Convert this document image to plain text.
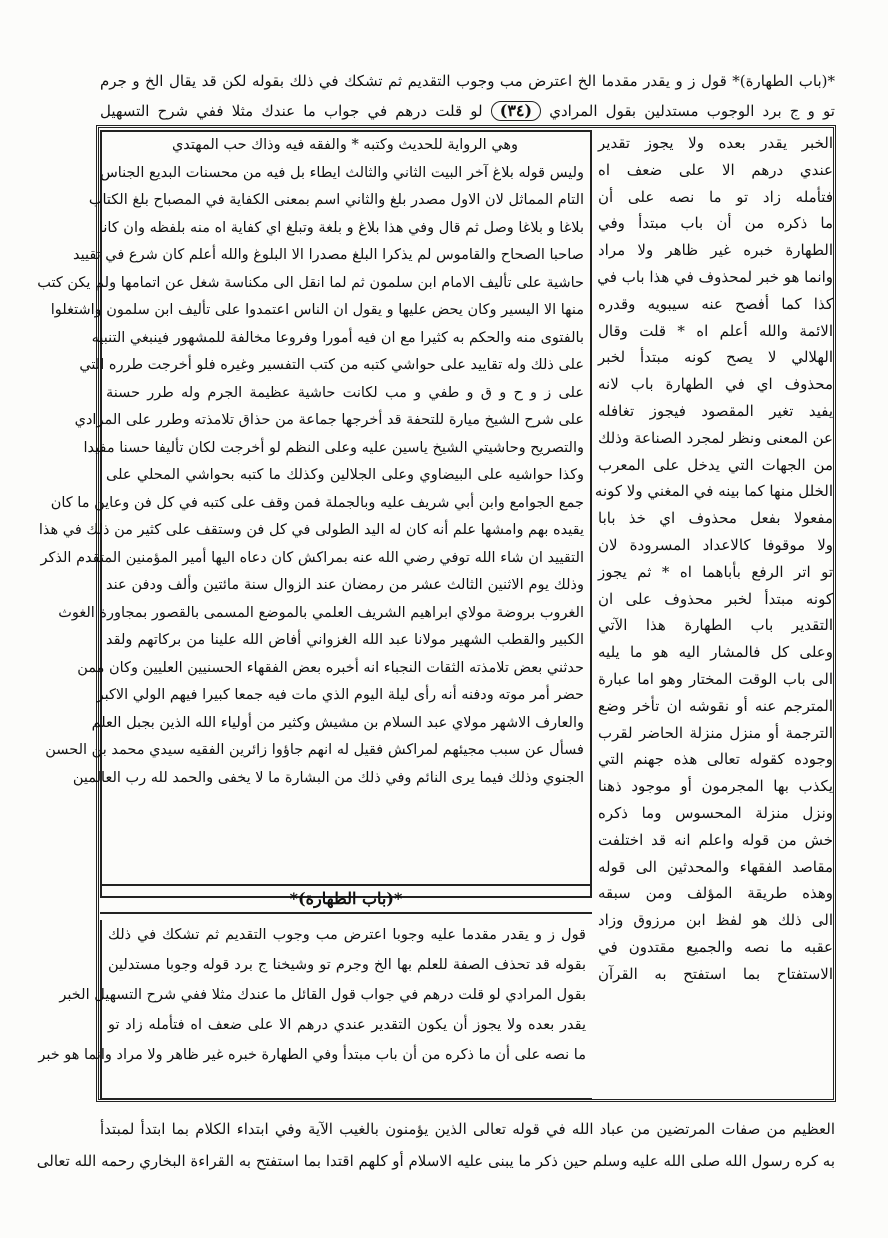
*(باب الطهارة)* قول ز و يقدر مقدما الخ اعترض مب وجوب التقديم ثم تشكك في ذلك بقوله لكن قد يقال الخ و جرم
تو و ج برد الوجوب مستدلين بقول المرادي (٣٤) لو قلت درهم في جواب ما عندك مثلا ففي شرح التسهيل
وهي الرواية للحديث وكتبه * والفقه فيه وذاك حب المهتدي
وليس قوله بلاغ آخر البيت الثاني والثالث ايطاء بل فيه من محسنات البديع الجناس
التام المماثل لان الاول مصدر بلغ والثاني اسم بمعنى الكفاية في المصباح بلغ الكتاب
بلاغا و بلاغا وصل ثم قال وفي هذا بلاغ و بلغة وتبلغ اي كفاية اه منه بلفظه وان كانا
صاحبا الصحاح والقاموس لم يذكرا البلغ مصدرا الا البلوغ والله أعلم كان شرع في تقييد
حاشية على تأليف الامام ابن سلمون ثم لما انقل الى مكناسة شغل عن اتمامها ولم يكن كتب
منها الا اليسير وكان يحض عليها و يقول ان الناس اعتمدوا على تأليف ابن سلمون واشتغلوا
بالفتوى منه والحكم به كثيرا مع ان فيه أمورا وفروعا مخالفة للمشهور فينبغي التنبيه
على ذلك وله تقاييد على حواشي كتبه من كتب التفسير وغيره فلو أخرجت طرره التي
على ز و ح و ق و طفي و مب لكانت حاشية عظيمة الجرم وله طرر حسنة
على شرح الشيخ ميارة للتحفة قد أخرجها جماعة من حذاق تلامذته وطرر على المرادي
والتصريح وحاشيتي الشيخ ياسين عليه وعلى النظم لو أخرجت لكان تأليفا حسنا مفيدا
وكذا حواشيه على البيضاوي وعلى الجلالين وكذلك ما كتبه بحواشي المحلي على
جمع الجوامع وابن أبي شريف عليه وبالجملة فمن وقف على كتبه في كل فن وعاين ما كان
يقيده بهم وامشها علم أنه كان له اليد الطولى في كل فن وستقف على كثير من ذلك في هذا
التقييد ان شاء الله توفي رضي الله عنه بمراكش كان دعاه اليها أمير المؤمنين المتقدم الذكر
وذلك يوم الاثنين الثالث عشر من رمضان عند الزوال سنة مائتين وألف ودفن عند
الغروب بروضة مولاي ابراهيم الشريف العلمي بالموضع المسمى بالقصور بمجاورة الغوث
الكبير والقطب الشهير مولانا عبد الله الغزواني أفاض الله علينا من بركاتهم ولقد
حدثني بعض تلامذته الثقات النجباء انه أخبره بعض الفقهاء الحسنيين العليين وكان ممن
حضر أمر موته ودفنه أنه رأى ليلة اليوم الذي مات فيه جمعا كبيرا فيهم الولي الاكبر
والعارف الاشهر مولاي عبد السلام بن مشيش وكثير من أولياء الله الذين بجبل العلم
فسأل عن سبب مجيئهم لمراكش فقيل له انهم جاؤوا زائرين الفقيه سيدي محمد بن الحسن
الجنوي وذلك فيما يرى النائم وفي ذلك من البشارة ما لا يخفى والحمد لله رب العالمين
الخبر يقدر بعده ولا يجوز تقدير
عندي درهم الا على ضعف اه
فتأمله زاد تو ما نصه على أن
ما ذكره من أن باب مبتدأ وفي
الطهارة خبره غير ظاهر ولا مراد
وانما هو خبر لمحذوف في هذا باب في
كذا كما أفصح عنه سيبويه وقدره
الائمة والله أعلم اه * قلت وقال
الهلالي لا يصح كونه مبتدأ لخبر
محذوف اي في الطهارة باب لانه
يفيد تغير المقصود فيجوز تغافله
عن المعنى ونظر لمجرد الصناعة وذلك
من الجهات التي يدخل على المعرب
الخلل منها كما بينه في المغني ولا كونه
مفعولا بفعل محذوف اي خذ بابا
ولا موقوفا كالاعداد المسرودة لان
تو اتر الرفع بأباهما اه * ثم يجوز
كونه مبتدأ لخبر محذوف على ان
التقدير باب الطهارة هذا الآتي
وعلى كل فالمشار اليه هو ما يليه
الى باب الوقت المختار وهو اما عبارة
المترجم عنه أو نقوشه ان تأخر وضع
الترجمة أو منزل منزلة الحاضر لقرب
وجوده كقوله تعالى هذه جهنم التي
يكذب بها المجرمون أو موجود ذهنا
ونزل منزلة المحسوس وما ذكره
خش من قوله واعلم انه قد اختلفت
مقاصد الفقهاء والمحدثين الى قوله
وهذه طريقة المؤلف ومن سبقه
الى ذلك هو لفظ ابن مرزوق وزاد
عقبه ما نصه والجميع مقتدون في
الاستفتاح بما استفتح به القرآن
*(باب الطهارة)*
قول ز و يقدر مقدما عليه وجوبا اعترض مب وجوب التقديم ثم تشكك في ذلك
بقوله قد تحذف الصفة للعلم بها الخ وجرم تو وشيخنا ج برد قوله وجوبا مستدلين
بقول المرادي لو قلت درهم في جواب قول القائل ما عندك مثلا ففي شرح التسهيل الخبر
يقدر بعده ولا يجوز أن يكون التقدير عندي درهم الا على ضعف اه فتأمله زاد تو
ما نصه على أن ما ذكره من أن باب مبتدأ وفي الطهارة خبره غير ظاهر ولا مراد وانما هو خبر
العظيم من صفات المرتضين من عباد الله في قوله تعالى الذين يؤمنون بالغيب الآية وفي ابتداء الكلام بما ابتدأ لمبتدأ
به كره رسول الله صلى الله عليه وسلم حين ذكر ما يبنى عليه الاسلام أو كلهم اقتدا بما استفتح به القراءة البخاري رحمه الله تعالى
